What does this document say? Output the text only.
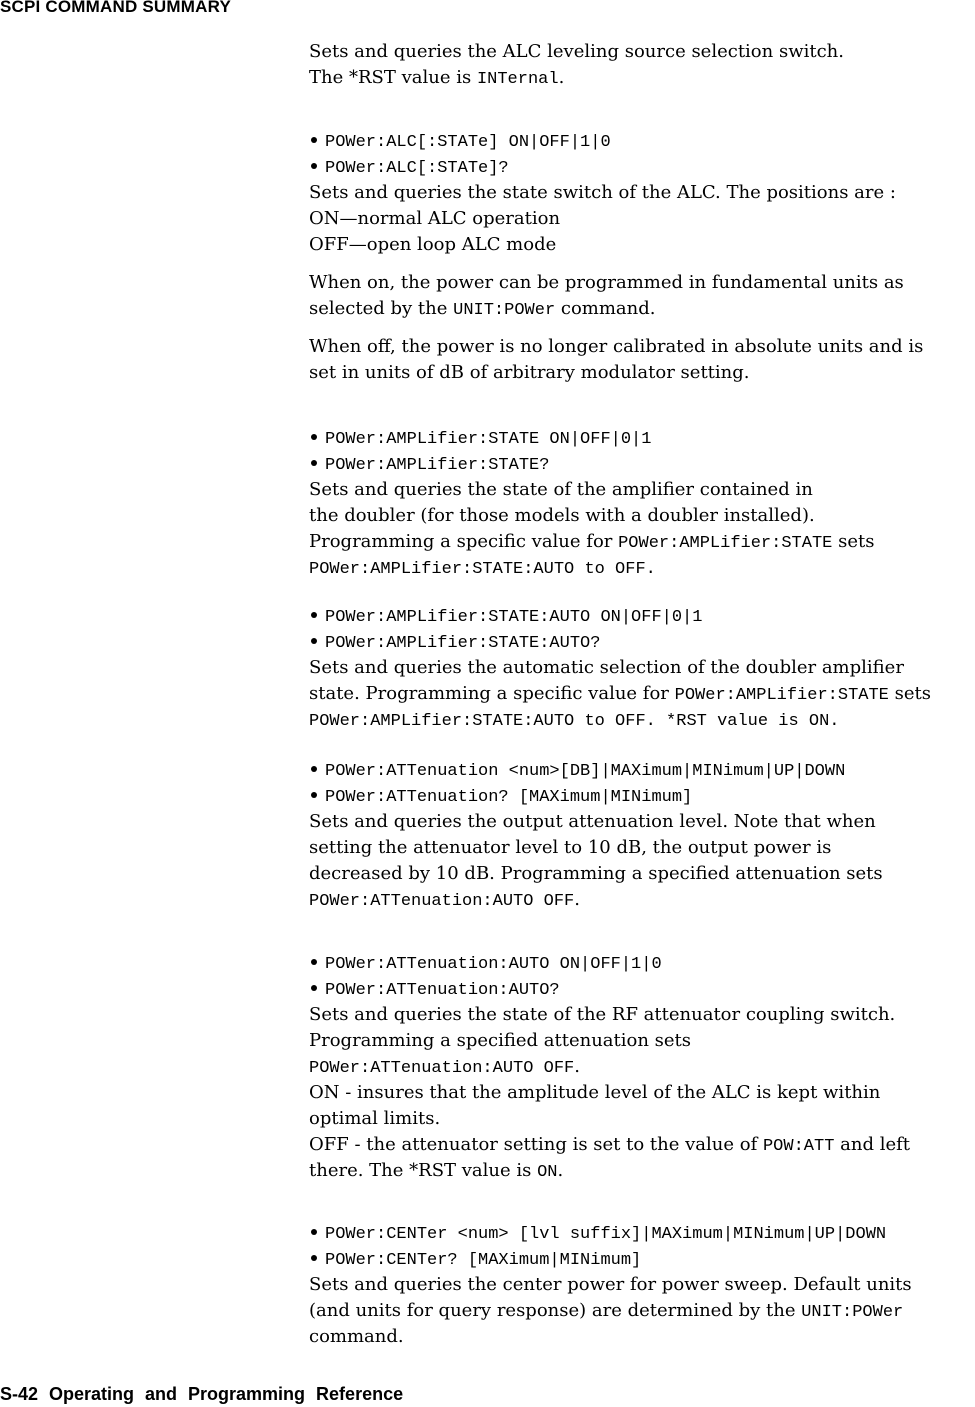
SCPI COMMAND SUMMARY
Sets and queries the ALC leveling source selection switch.
The *RST value is INTernal.
POWer:ALC[:STATe] ON|OFF|1|0
POWer:ALC[:STATe]?
Sets and queries the state switch of the ALC. The positions are :
ON—normal ALC operation
OFF—open loop ALC mode
When on, the power can be programmed in fundamental units as
selected by the UNIT:POWer command.
When off, the power is no longer calibrated in absolute units and is
set in units of dB of arbitrary modulator setting.
POWer:AMPLifier:STATE ON|OFF|0|1
POWer:AMPLifier:STATE?
Sets and queries the state of the amplifier contained in
the doubler (for those models with a doubler installed).
Programming a specific value for POWer:AMPLifier:STATE sets
POWer:AMPLifier:STATE:AUTO to OFF.
POWer:AMPLifier:STATE:AUTO ON|OFF|0|1
POWer:AMPLifier:STATE:AUTO?
Sets and queries the automatic selection of the doubler amplifier
state. Programming a specific value for POWer:AMPLifier:STATE sets
POWer:AMPLifier:STATE:AUTO to OFF. *RST value is ON.
POWer:ATTenuation <num>[DB]|MAXimum|MINimum|UP|DOWN
POWer:ATTenuation? [MAXimum|MINimum]
Sets and queries the output attenuation level. Note that when
setting the attenuator level to 10 dB, the output power is
decreased by 10 dB. Programming a specified attenuation sets
POWer:ATTenuation:AUTO OFF.
POWer:ATTenuation:AUTO ON|OFF|1|0
POWer:ATTenuation:AUTO?
Sets and queries the state of the RF attenuator coupling switch.
Programming a specified attenuation sets
POWer:ATTenuation:AUTO OFF.
ON - insures that the amplitude level of the ALC is kept within
optimal limits.
OFF - the attenuator setting is set to the value of POW:ATT and left
there. The *RST value is ON.
POWer:CENTer <num> [lvl suffix]|MAXimum|MINimum|UP|DOWN
POWer:CENTer? [MAXimum|MINimum]
Sets and queries the center power for power sweep. Default units
(and units for query response) are determined by the UNIT:POWer
command.
S-42 Operating and Programming Reference
